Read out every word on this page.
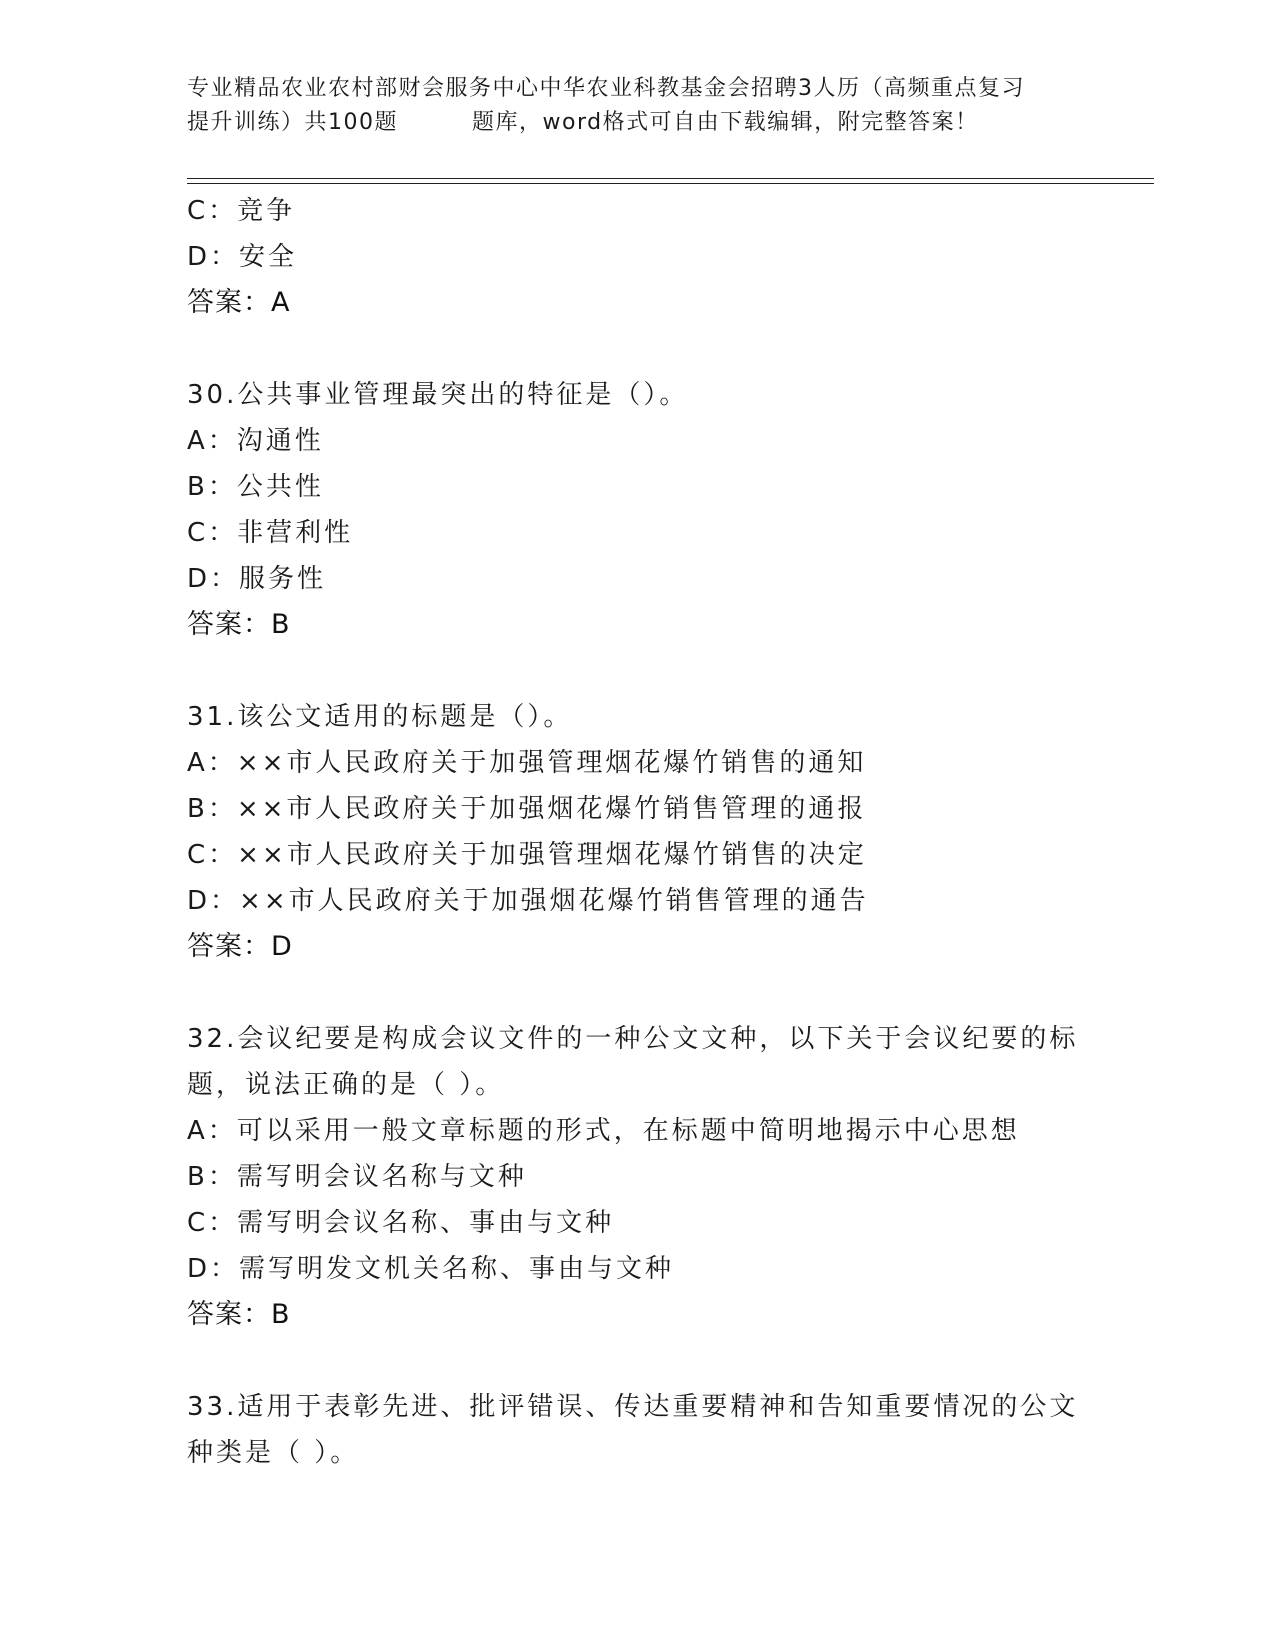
专业精品农业农村部财会服务中心中华农业科教基金会招聘3人历（高频重点复习
提升训练）共100题	题库，word格式可自由下载编辑，附完整答案！
C：竞争
D：安全
答案：A
30.公共事业管理最突出的特征是（）。
A：沟通性
B：公共性
C：非营利性
D：服务性
答案：B
31.该公文适用的标题是（）。
A：××市人民政府关于加强管理烟花爆竹销售的通知
B：××市人民政府关于加强烟花爆竹销售管理的通报
C：××市人民政府关于加强管理烟花爆竹销售的决定
D：××市人民政府关于加强烟花爆竹销售管理的通告
答案：D
32.会议纪要是构成会议文件的一种公文文种，以下关于会议纪要的标
题，说法正确的是（ ）。
A：可以采用一般文章标题的形式，在标题中简明地揭示中心思想
B：需写明会议名称与文种
C：需写明会议名称、事由与文种
D：需写明发文机关名称、事由与文种
答案：B
33.适用于表彰先进、批评错误、传达重要精神和告知重要情况的公文
种类是（ ）。
